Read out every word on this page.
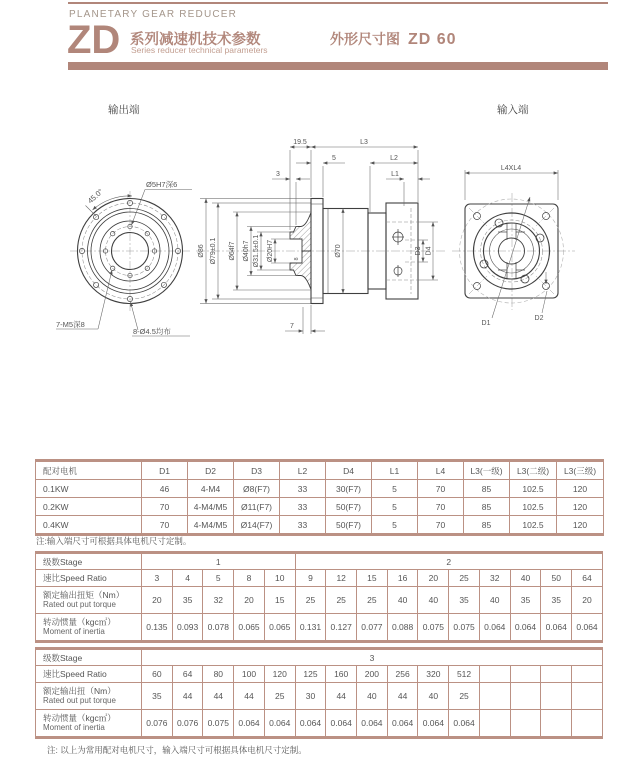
PLANETARY GEAR REDUCER
ZD 系列减速机技术参数
Series reducer technical parameters
外形尺寸图 ZD 60
输出端	输入端
45.0°
Ø5H7深6
7-M5深8
8-Ø4.5均布
19.5	L3
5	L2
3	L1
7
8
Ø86 Ø79±0.1 Ø64f7 Ø40h7 Ø31.5±0.1 Ø20H7	Ø70	D3 D4
L4XL4
D1
D2
配对电机	D1	D2	D3	L2	D4	L1	L4	L3(一级)	L3(二级)	L3(三级)
0.1KW	46	4-M4	Ø8(F7)	33	30(F7)	5	70	85	102.5	120
0.2KW	70	4-M4/M5	Ø11(F7)	33	50(F7)	5	70	85	102.5	120
0.4KW	70	4-M4/M5	Ø14(F7)	33	50(F7)	5	70	85	102.5	120
注:输入端尺寸可根据具体电机尺寸定制。
级数Stage	1					2									
速比Speed Ratio	3	4	5	8	10	9	12	15	16	20	25	32	40	50	64

额定输出扭矩（Nm）
Rated out put torque	20	35	32	20	15	25	25	25	40	40	35	40	35	35	20

转动惯量（kgc㎡）
Moment of inertia	0.135	0.093	0.078	0.065	0.065	0.131	0.127	0.077	0.088	0.075	0.075	0.064	0.064	0.064	0.064
级数Stage	3														
速比Speed Ratio	60	64	80	100	120	125	160	200	256	320	512				

额定输出扭（Nm）
Rated out put torque	35	44	44	44	25	30	44	40	44	40	25				

转动惯量（kgc㎡）
Moment of inertia	0.076	0.076	0.075	0.064	0.064	0.064	0.064	0.064	0.064	0.064	0.064				
注: 以上为常用配对电机尺寸，输入端尺寸可根据具体电机尺寸定制。
